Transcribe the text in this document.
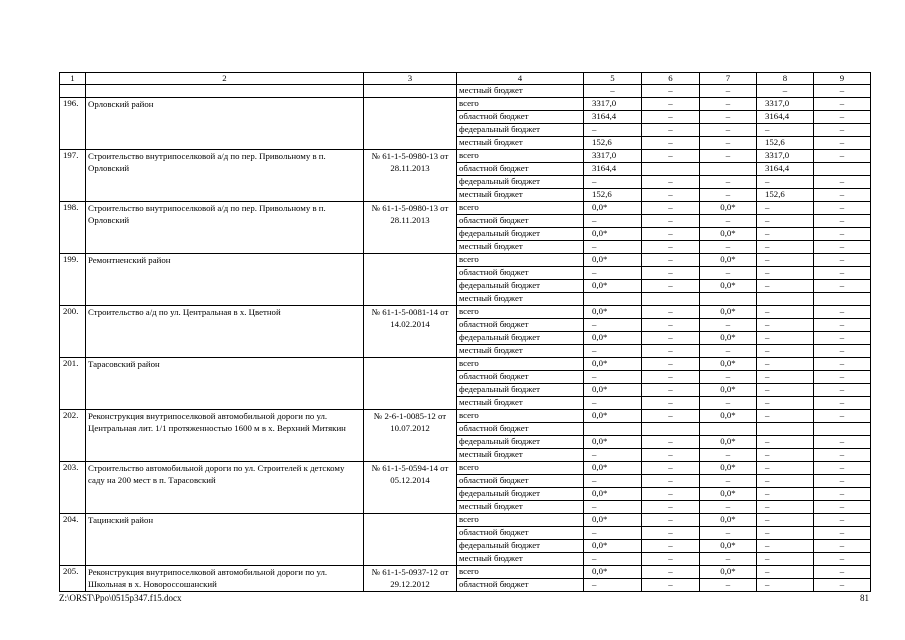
1	2	3	4	5	6	7	8	9
			местный бюджет	–	–	–	–	–
196.	Орловский район		всего	3317,0	–	–	3317,0	–
			областной бюджет	3164,4	–	–	3164,4	–
			федеральный бюджет	–	–	–	–	–
			местный бюджет	152,6	–	–	152,6	–
197.	Строительство внутрипоселковой а/д по пер. Привольному в п. Орловский	№ 61-1-5-0980-13 от 28.11.2013	всего	3317,0	–	–	3317,0	–
			областной бюджет	3164,4			3164,4	
			федеральный бюджет	–	–	–	–	–
			местный бюджет	152,6	–	–	152,6	–
198.	Строительство внутрипоселковой а/д по пер. Привольному в п. Орловский	№ 61-1-5-0980-13 от 28.11.2013	всего	0,0*	–	0,0*	–	–
			областной бюджет	–	–	–	–	–
			федеральный бюджет	0,0*	–	0,0*	–	–
			местный бюджет	–	–	–	–	–
199.	Ремонтненский район		всего	0,0*	–	0,0*	–	–
			областной бюджет	–	–	–	–	–
			федеральный бюджет	0,0*	–	0,0*	–	–
			местный бюджет					
200.	Строительство а/д по ул. Центральная в х. Цветной	№ 61-1-5-0081-14 от 14.02.2014	всего	0,0*	–	0,0*	–	–
			областной бюджет	–	–	–	–	–
			федеральный бюджет	0,0*	–	0,0*	–	–
			местный бюджет	–	–	–	–	–
201.	Тарасовский район		всего	0,0*	–	0,0*	–	–
			областной бюджет	–	–	–	–	–
			федеральный бюджет	0,0*	–	0,0*	–	–
			местный бюджет	–	–	–	–	–
202.	Реконструкция внутрипоселковой автомобильной дороги по ул. Центральная лит. 1/1 протяженностью 1600 м в х. Верхний Митякин	№ 2-6-1-0085-12 от 10.07.2012	всего	0,0*	–	0,0*	–	–
			областной бюджет					
			федеральный бюджет	0,0*	–	0,0*	–	–
			местный бюджет	–	–	–	–	–
203.	Строительство автомобильной дороги по ул. Строителей к детскому саду на 200 мест в п. Тарасовский	№ 61-1-5-0594-14 от 05.12.2014	всего	0,0*	–	0,0*	–	–
			областной бюджет	–	–	–	–	–
			федеральный бюджет	0,0*	–	0,0*	–	–
			местный бюджет	–	–	–	–	–
204.	Тацинский район		всего	0,0*	–	0,0*	–	–
			областной бюджет	–	–	–	–	–
			федеральный бюджет	0,0*	–	0,0*	–	–
			местный бюджет	–	–	–	–	–
205.	Реконструкция внутрипоселковой автомобильной дороги по ул. Школьная в х. Новороссошанский	№ 61-1-5-0937-12 от 29.12.2012	всего	0,0*	–	0,0*	–	–
			областной бюджет	–	–	–	–	–
Z:\ORST\Ppo\0515p347.f15.docx	81
